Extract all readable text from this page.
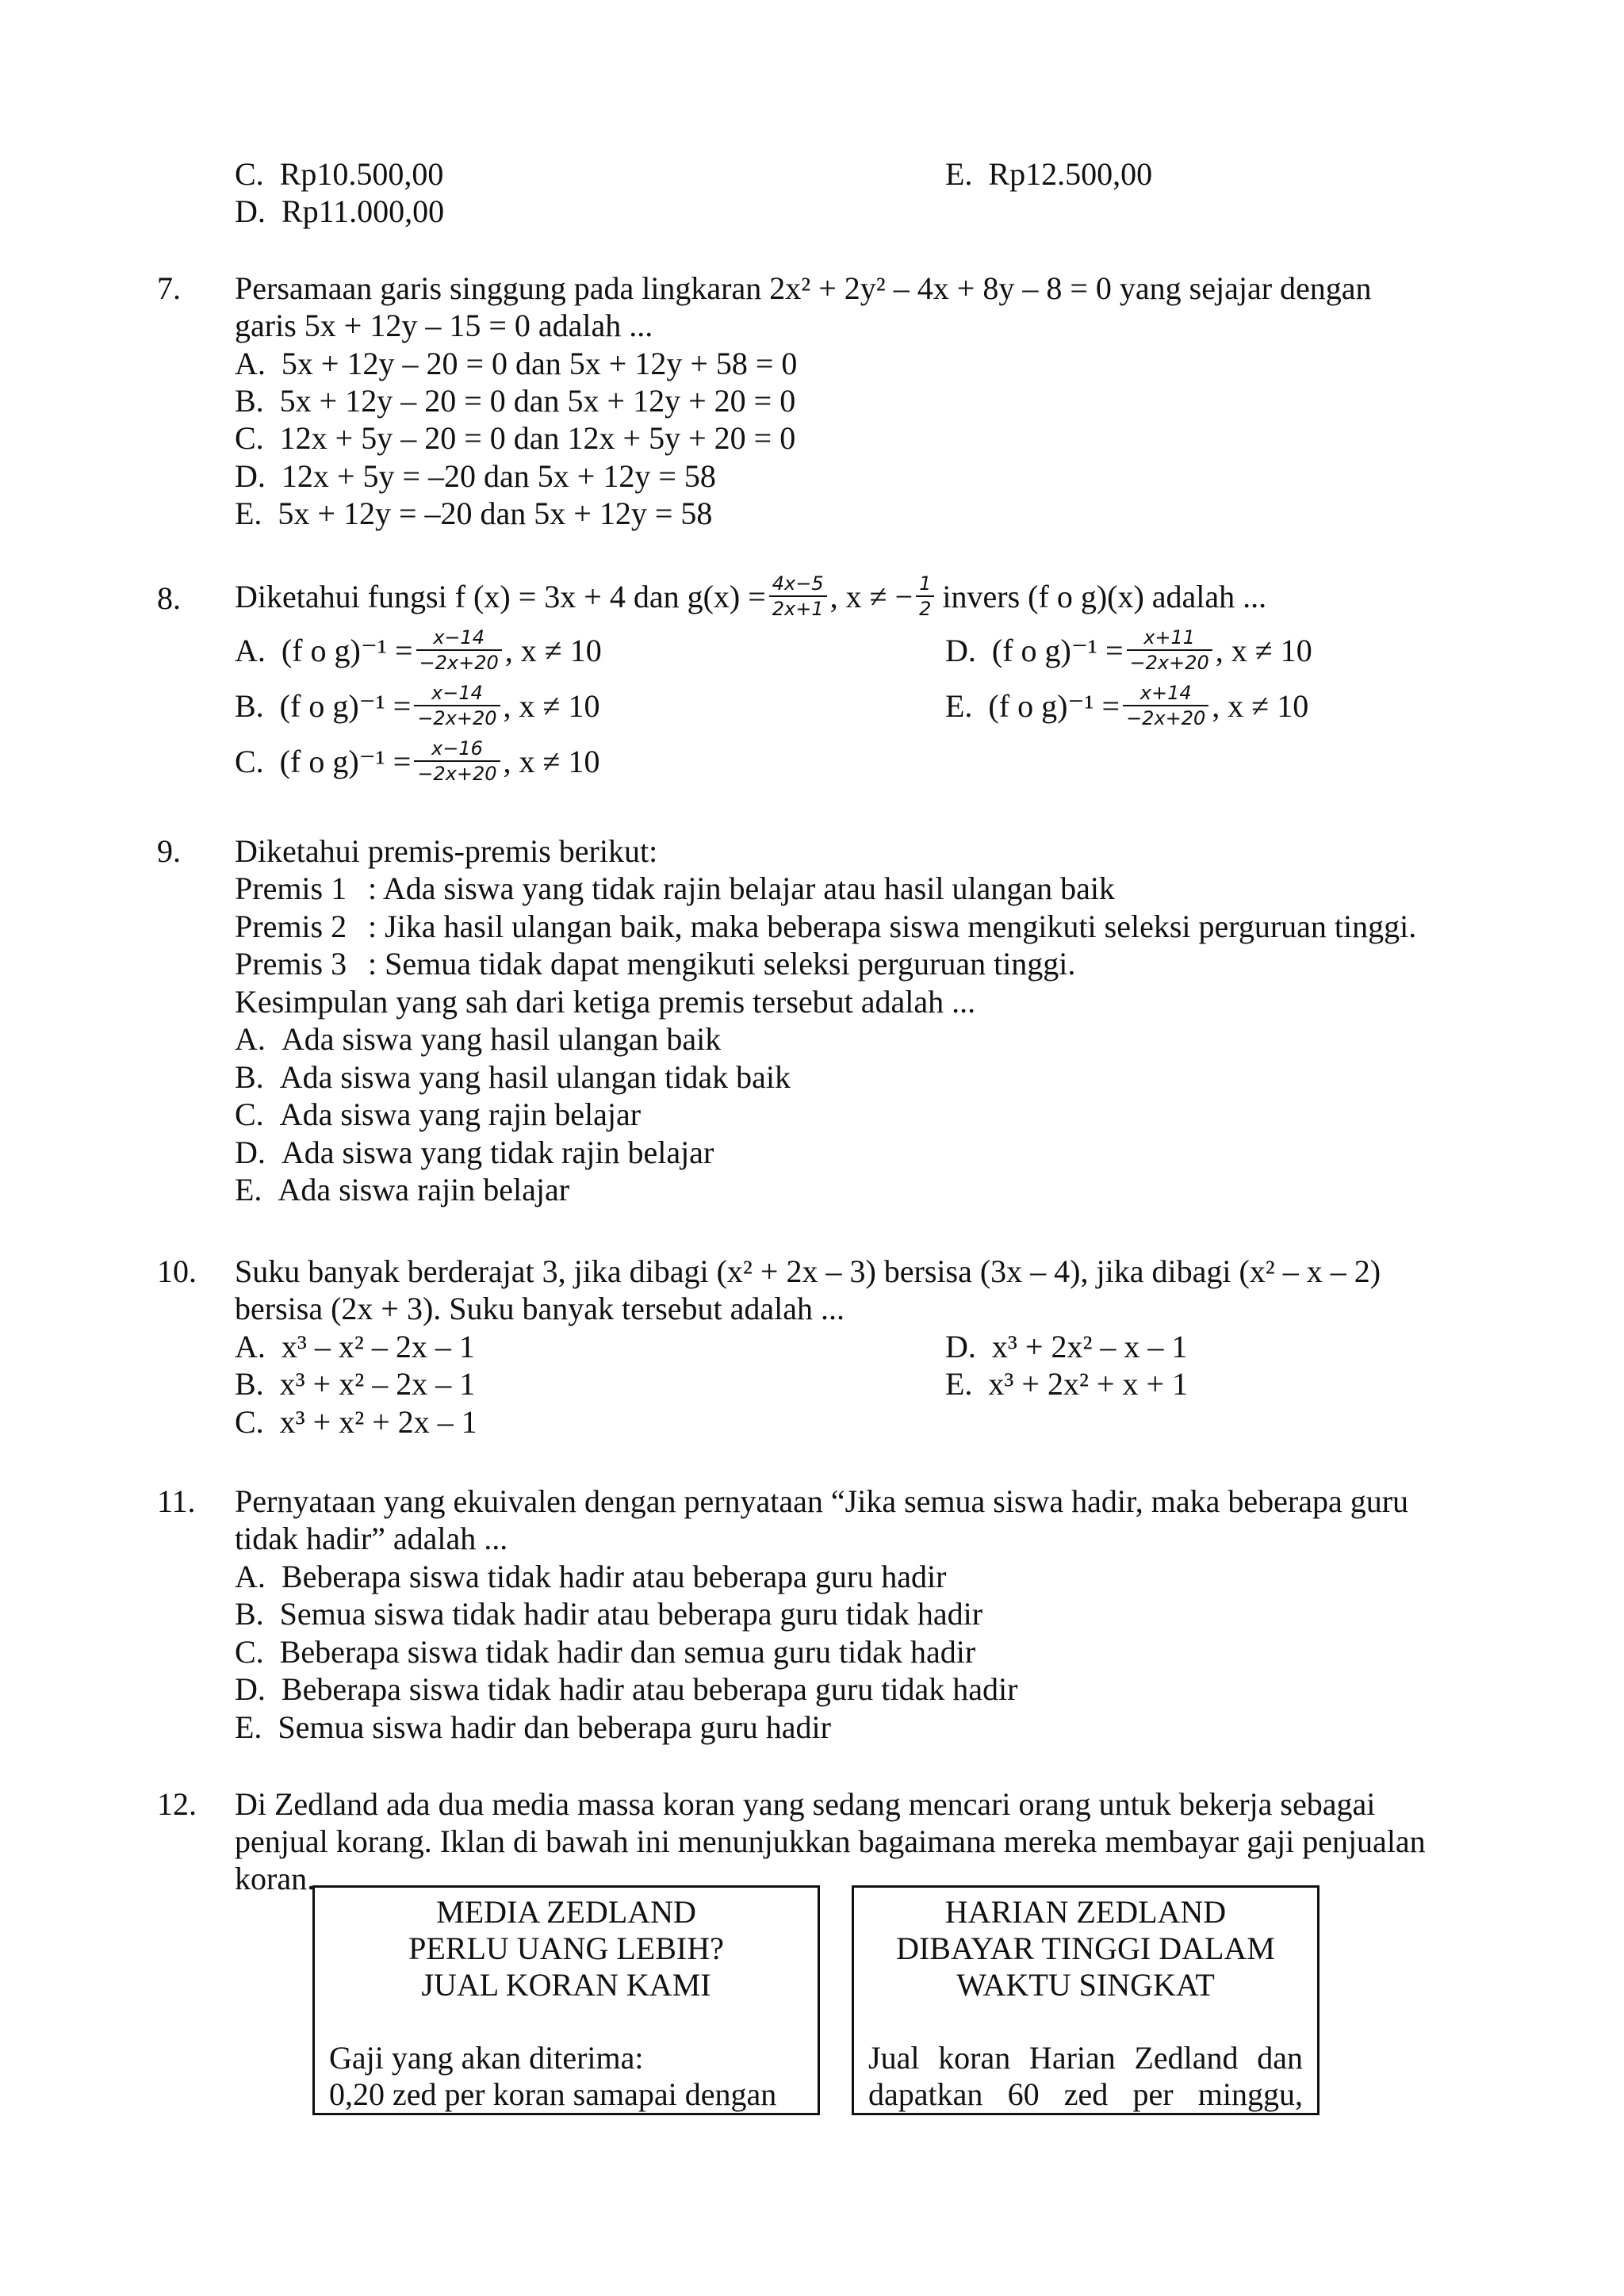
C. Rp10.500,00
D. Rp11.000,00
E. Rp12.500,00
7. Persamaan garis singgung pada lingkaran 2x² + 2y² – 4x + 8y – 8 = 0 yang sejajar dengan
garis 5x + 12y – 15 = 0 adalah ...
A. 5x + 12y – 20 = 0 dan 5x + 12y + 58 = 0
B. 5x + 12y – 20 = 0 dan 5x + 12y + 20 = 0
C. 12x + 5y – 20 = 0 dan 12x + 5y + 20 = 0
D. 12x + 5y = –20 dan 5x + 12y = 58
E. 5x + 12y = –20 dan 5x + 12y = 58
8. Diketahui fungsi f (x) = 3x + 4 dan $g(x) = \frac{4x-5}{2x+1}$ , x ≠ − $\frac{1}{2}$ invers (f o g)(x) adalah ...
A. (f o $g)^{-1} = \frac{x-14}{-2x+20}$ , x ≠ 10
B. (f o $g)^{-1} = \frac{x-14}{-2x+20}$ , x ≠ 10
C. (f o $g)^{-1} = \frac{x-16}{-2x+20}$ , x ≠ 10
D. (f o $g)^{-1} = \frac{x+11}{-2x+20}$ , x ≠ 10
E. (f o $g)^{-1} = \frac{x+14}{-2x+20}$ , x ≠ 10
9. Diketahui premis-premis berikut:
Premis 1 : Ada siswa yang tidak rajin belajar atau hasil ulangan baik
Premis 2 : Jika hasil ulangan baik, maka beberapa siswa mengikuti seleksi perguruan tinggi.
Premis 3 : Semua tidak dapat mengikuti seleksi perguruan tinggi.
Kesimpulan yang sah dari ketiga premis tersebut adalah ...
A. Ada siswa yang hasil ulangan baik
B. Ada siswa yang hasil ulangan tidak baik
C. Ada siswa yang rajin belajar
D. Ada siswa yang tidak rajin belajar
E. Ada siswa rajin belajar
10. Suku banyak berderajat 3, jika dibagi (x² + 2x – 3) bersisa (3x – 4), jika dibagi (x² – x – 2)
bersisa (2x + 3). Suku banyak tersebut adalah ...
A. x³ – x² – 2x – 1
B. x³ + x² – 2x – 1
C. x³ + x² + 2x – 1
D. x³ + 2x² – x – 1
E. x³ + 2x² + x + 1
11. Pernyataan yang ekuivalen dengan pernyataan “Jika semua siswa hadir, maka beberapa guru
tidak hadir” adalah ...
A. Beberapa siswa tidak hadir atau beberapa guru hadir
B. Semua siswa tidak hadir atau beberapa guru tidak hadir
C. Beberapa siswa tidak hadir dan semua guru tidak hadir
D. Beberapa siswa tidak hadir atau beberapa guru tidak hadir
E. Semua siswa hadir dan beberapa guru hadir
12. Di Zedland ada dua media massa koran yang sedang mencari orang untuk bekerja sebagai
penjual korang. Iklan di bawah ini menunjukkan bagaimana mereka membayar gaji penjualan
koran.
MEDIA ZEDLAND
PERLU UANG LEBIH?
JUAL KORAN KAMI
Gaji yang akan diterima:
0,20 zed per koran samapai dengan
HARIAN ZEDLAND
DIBAYAR TINGGI DALAM
WAKTU SINGKAT
Jual koran Harian Zedland dan
dapatkan 60 zed per minggu,
